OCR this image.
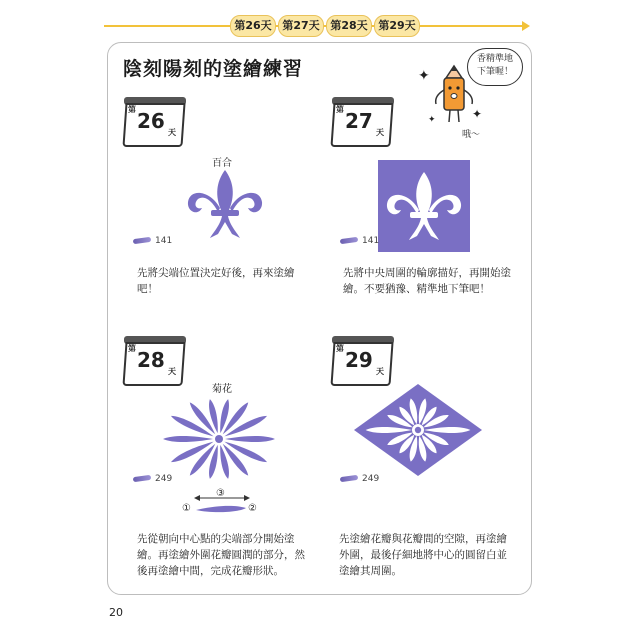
第26天 第27天 第28天 第29天
陰刻陽刻的塗繪練習	香精準地
下筆喔！
✦
✦
✦
哦～
第 26 天
百合
141
先將尖端位置決定好後，再來塗繪吧！
第 27 天
141
先將中央周圍的輪廓描好，再開始塗繪。不要猶豫、精準地下筆吧！
第 28 天
菊花
249
①
③
②
先從朝向中心點的尖端部分開始塗繪。再塗繪外圍花瓣圓潤的部分，然後再塗繪中間，完成花瓣形狀。
第 29 天
249
先塗繪花瓣與花瓣間的空隙，再塗繪外圍，最後仔細地將中心的圓留白並塗繪其周圍。
20
